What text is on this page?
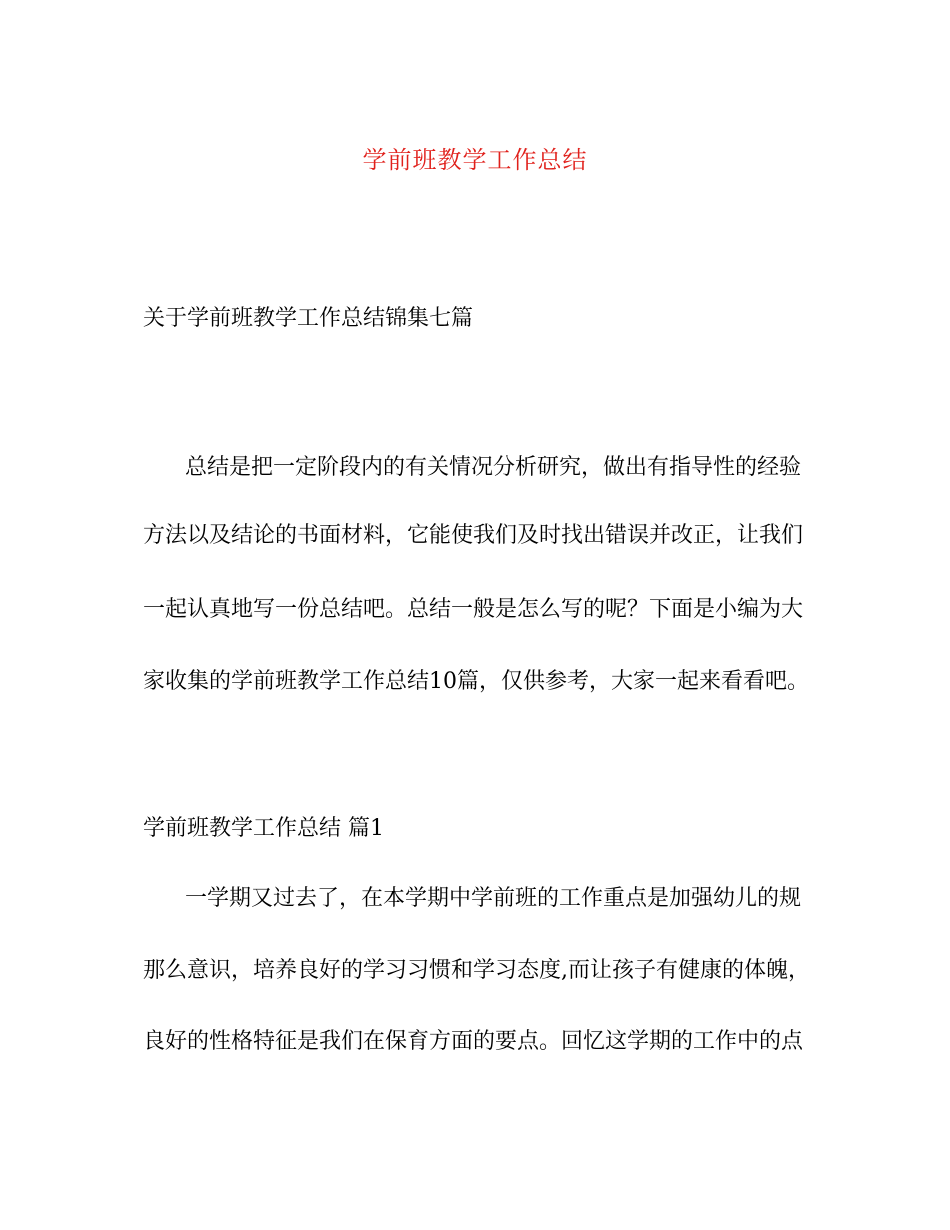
学前班教学工作总结
关于学前班教学工作总结锦集七篇
总结是把一定阶段内的有关情况分析研究，做出有指导性的经验
方法以及结论的书面材料，它能使我们及时找出错误并改正，让我们
一起认真地写一份总结吧。总结一般是怎么写的呢？下面是小编为大
家收集的学前班教学工作总结10篇，仅供参考，大家一起来看看吧。
学前班教学工作总结 篇1
一学期又过去了，在本学期中学前班的工作重点是加强幼儿的规
那么意识，培养良好的学习习惯和学习态度,而让孩子有健康的体魄，
良好的性格特征是我们在保育方面的要点。回忆这学期的工作中的点
